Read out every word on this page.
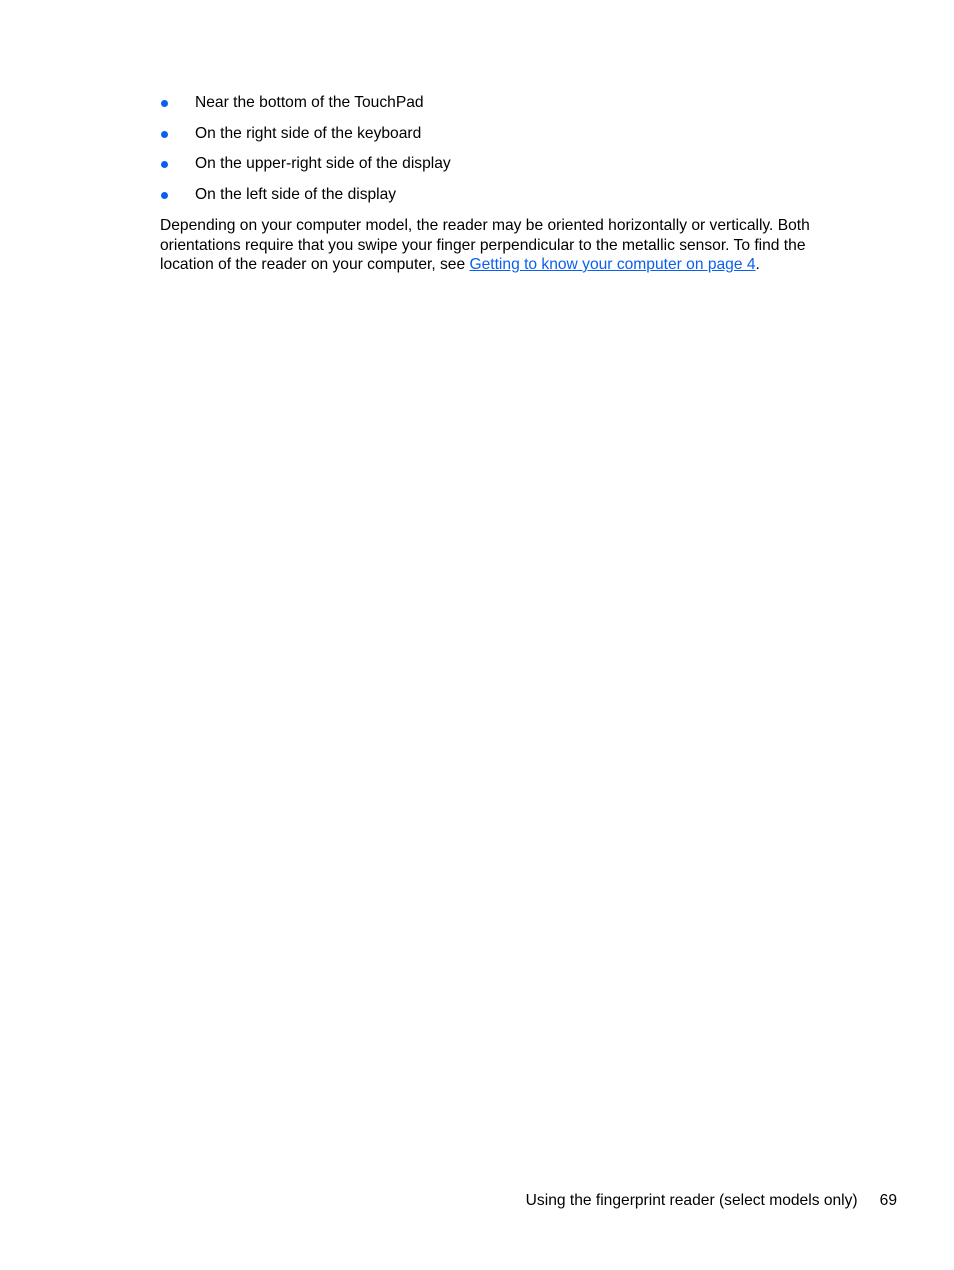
Near the bottom of the TouchPad
On the right side of the keyboard
On the upper-right side of the display
On the left side of the display

Depending on your computer model, the reader may be oriented horizontally or vertically. Both orientations require that you swipe your finger perpendicular to the metallic sensor. To find the location of the reader on your computer, see Getting to know your computer on page 4.

Using the fingerprint reader (select models only) 69
